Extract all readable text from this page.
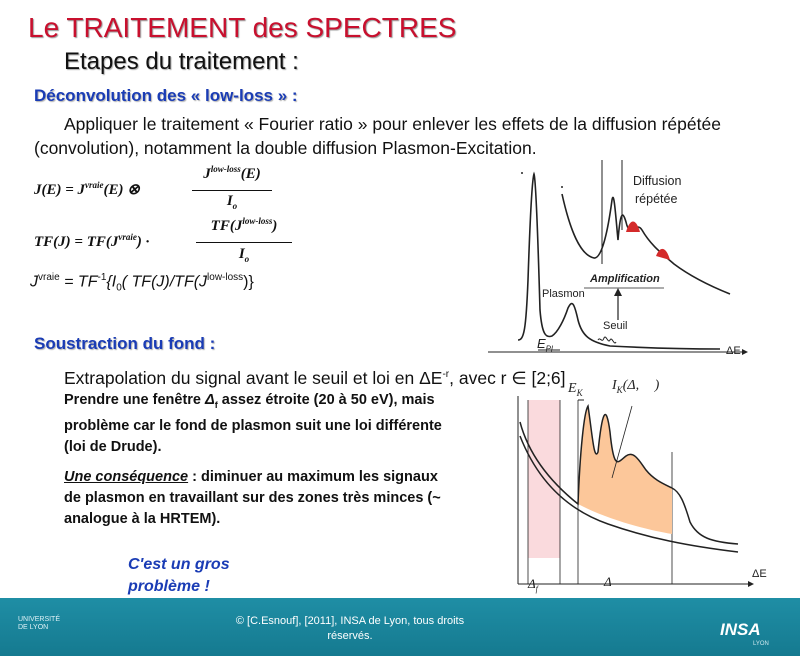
Le TRAITEMENT des SPECTRES
Etapes du traitement :
Déconvolution des « low-loss » :
Appliquer le traitement « Fourier ratio » pour enlever les effets de la diffusion répétée (convolution), notamment la double diffusion Plasmon-Excitation.
$J(E) = J^{vraie}(E)$ ⊗
$J^{low-loss}(E)$
$I_o$
$TF(J) = TF(J^{vraie})$ ·
$TF(J^{low-loss})$
$I_o$
$J^{vraie} = TF^{-1}\{I_0$( $TF(J)/TF(J^{low-loss})$}
Diffusion
répétée
Amplification
Plasmon
Seuil
$E_{Pl}$	ΔE
Soustraction du fond :
Extrapolation du signal avant le seuil et loi en $\Delta E^{-r}$, avec r ∈ [2;6]
$E_K$ $I_K(\Delta$, )
$\Delta_f$
Δ	ΔE
Prendre une fenêtre $\Delta_f$ assez étroite (20 à 50 eV), mais problème car le fond de plasmon suit une loi différente (loi de Drude).
Une conséquence : diminuer au maximum les signaux de plasmon en travaillant sur des zones très minces (~ analogue à la HRTEM).
C'est un gros
problème !
UNIVERSITÉ
DE LYON
© [C.Esnouf], [2011], INSA de Lyon, tous droits
réservés.	INSA
LYON
